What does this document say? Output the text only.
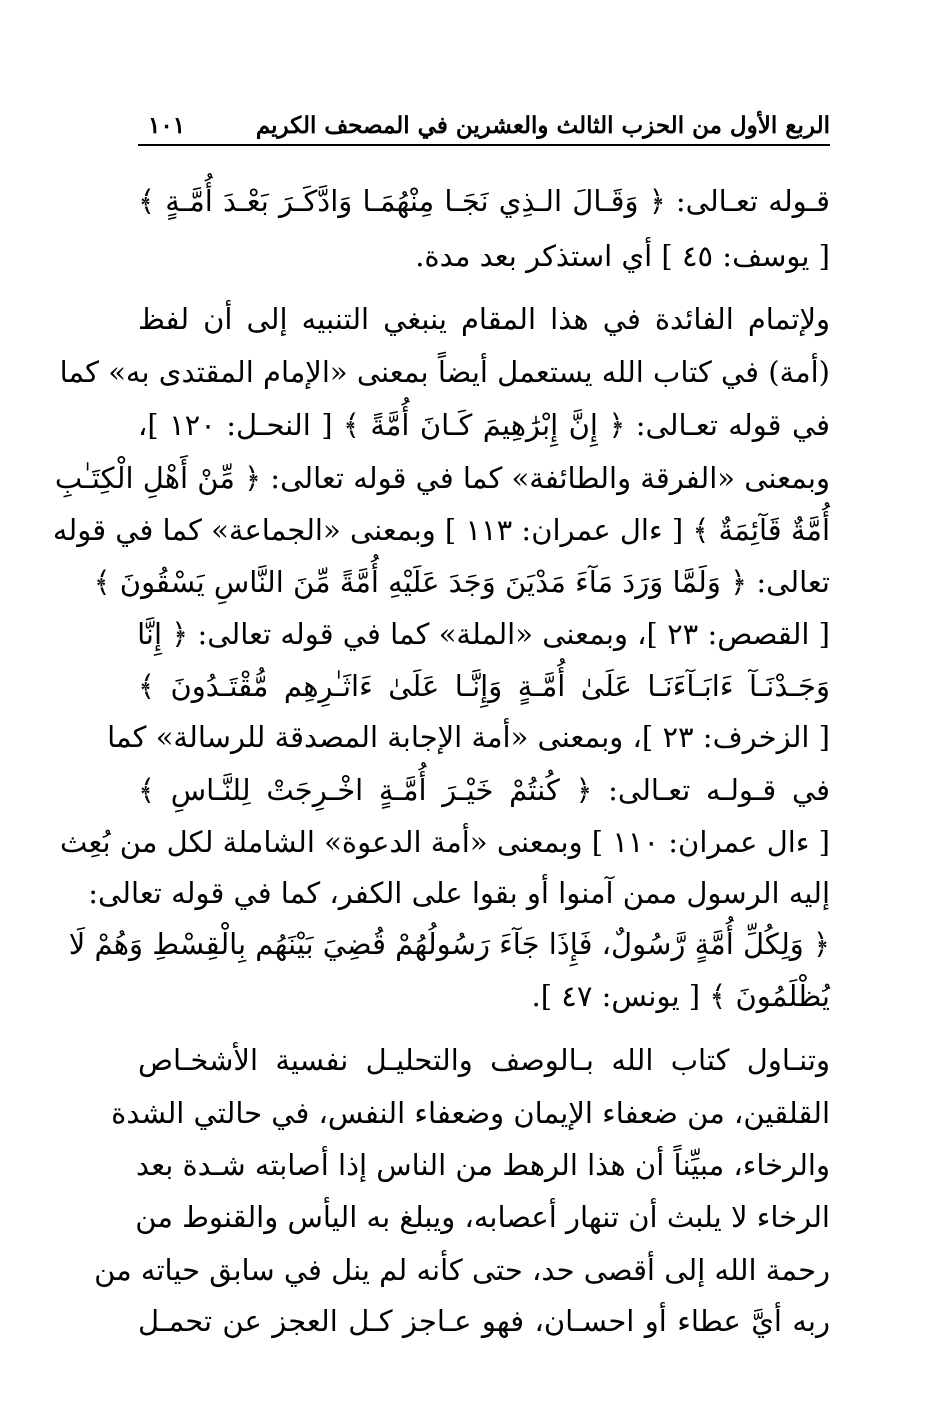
الربع الأول من الحزب الثالث والعشرين في المصحف الكريم
١٠١
قـوله تعـالى: ﴿ وَقَـالَ الـذِي نَجَـا مِنْهُمَـا وَادَّكَـرَ بَعْـدَ أُمَّـةٍ ﴾
[ يوسف: ٤٥ ] أي استذكر بعد مدة.
ولإتمام الفائدة في هذا المقام ينبغي التنبيه إلى أن لفظ
(أمة) في كتاب الله يستعمل أيضاً بمعنى «الإمام المقتدى به» كما
في قوله تعـالى: ﴿ إِنَّ إِبْرَٰهِيمَ كَـانَ أُمَّةً ﴾ [ النحـل: ١٢٠ ]،
وبمعنى «الفرقة والطائفة» كما في قوله تعالى: ﴿ مِّنْ أَهْلِ الْكِتَـٰبِ
أُمَّةٌ قَآئِمَةٌ ﴾ [ ءال عمران: ١١٣ ] وبمعنى «الجماعة» كما في قوله
تعالى: ﴿ وَلَمَّا وَرَدَ مَآءَ مَدْيَنَ وَجَدَ عَلَيْهِ أُمَّةً مِّنَ النَّاسِ يَسْقُونَ ﴾
[ القصص: ٢٣ ]، وبمعنى «الملة» كما في قوله تعالى: ﴿ إِنَّا
وَجَـدْنَـآ ءَابَـآءَنَـا عَلَىٰ أُمَّـةٍ وَإِنَّـا عَلَىٰ ءَاثَـٰرِهِم مُّقْتَـدُونَ ﴾
[ الزخرف: ٢٣ ]، وبمعنى «أمة الإجابة المصدقة للرسالة» كما
في قـولـه تعـالى: ﴿ كُنتُمْ خَيْـرَ أُمَّـةٍ اخْـرِجَتْ لِلنَّـاسِ ﴾
[ ءال عمران: ١١٠ ] وبمعنى «أمة الدعوة» الشاملة لكل من بُعِث
إليه الرسول ممن آمنوا أو بقوا على الكفر، كما في قوله تعالى:
﴿ وَلِكُلِّ أُمَّةٍ رَّسُولٌ، فَإِذَا جَآءَ رَسُولُهُمْ قُضِيَ بَيْنَهُم بِالْقِسْطِ وَهُمْ لَا
يُظْلَمُونَ ﴾ [ يونس: ٤٧ ].
وتنـاول كتاب الله بـالوصف والتحليـل نفسية الأشخـاص
القلقين، من ضعفاء الإيمان وضعفاء النفس، في حالتي الشدة
والرخاء، مبيِّناً أن هذا الرهط من الناس إذا أصابته شـدة بعد
الرخاء لا يلبث أن تنهار أعصابه، ويبلغ به اليأس والقنوط من
رحمة الله إلى أقصى حد، حتى كأنه لم ينل في سابق حياته من
ربه أيَّ عطاء أو احسـان، فهو عـاجز كـل العجز عن تحمـل
